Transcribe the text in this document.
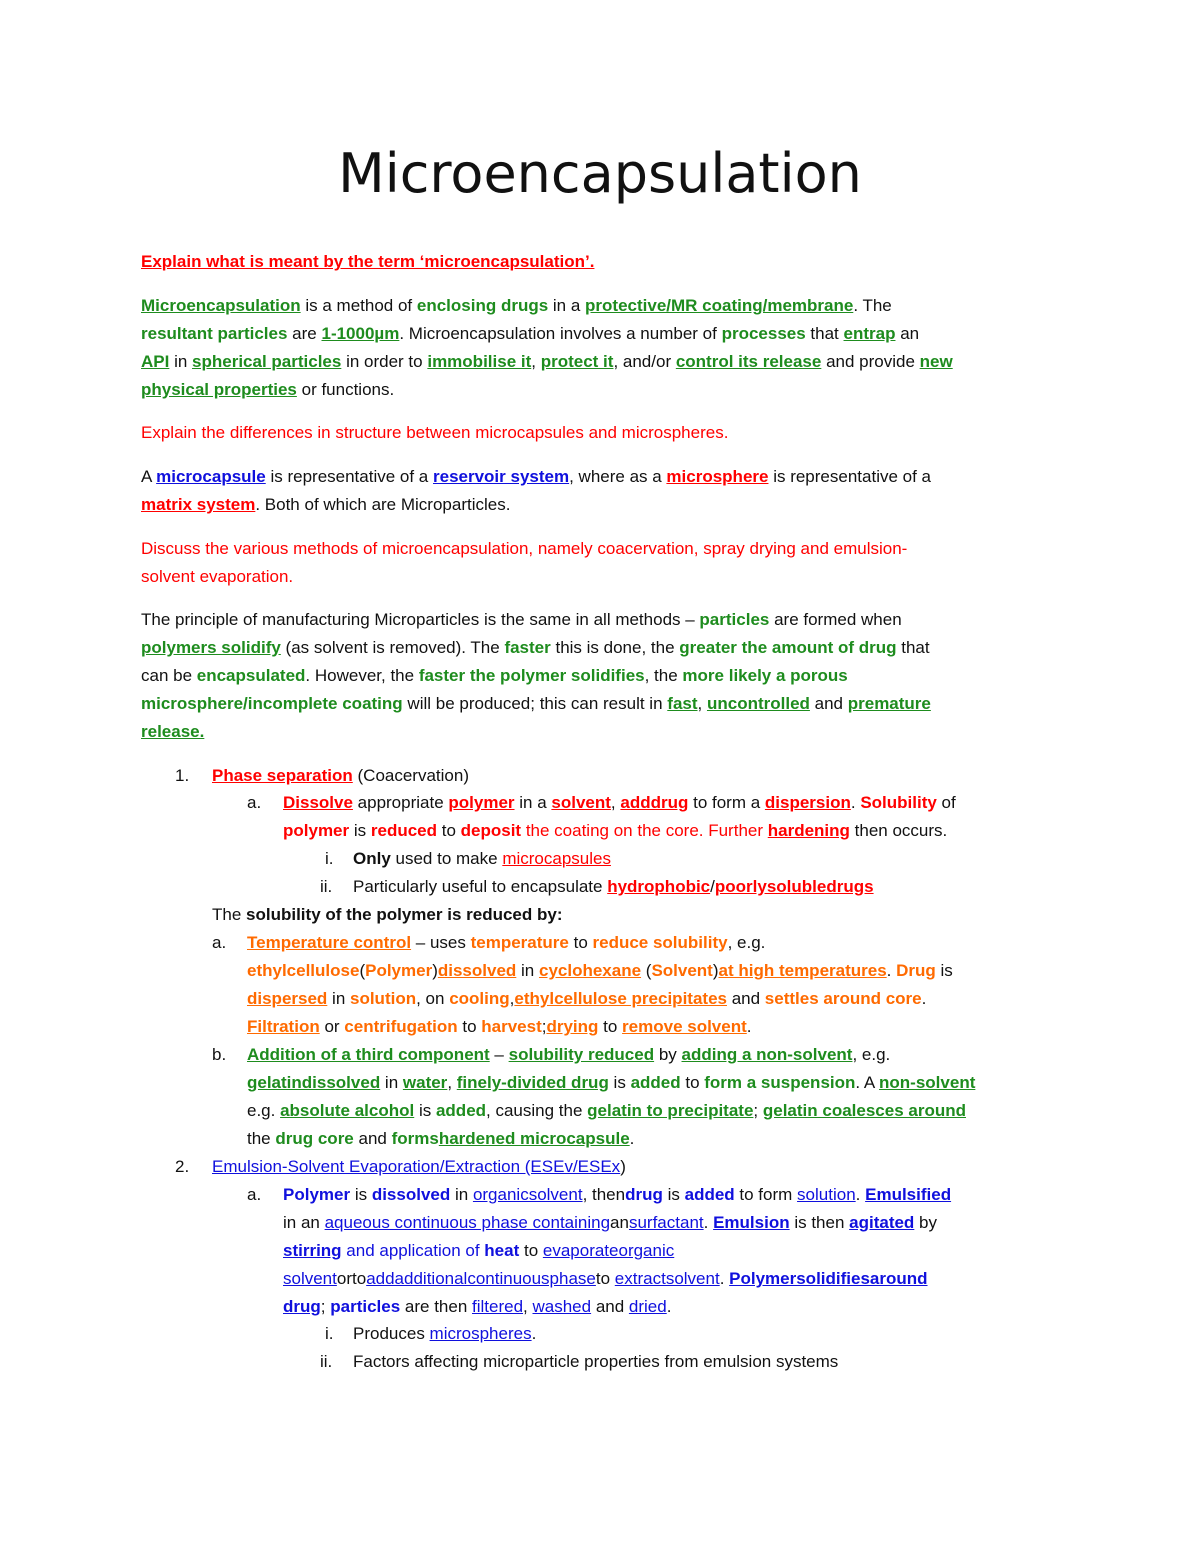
Microencapsulation
Explain what is meant by the term ‘microencapsulation’.
Microencapsulation is a method of enclosing drugs in a protective/MR coating/membrane. The
resultant particles are 1-1000µm. Microencapsulation involves a number of processes that entrap an
API in spherical particles in order to immobilise it, protect it, and/or control its release and provide new
physical properties or functions.
Explain the differences in structure between microcapsules and microspheres.
A microcapsule is representative of a reservoir system, where as a microsphere is representative of a
matrix system. Both of which are Microparticles.
Discuss the various methods of microencapsulation, namely coacervation, spray drying and emulsion-
solvent evaporation.
The principle of manufacturing Microparticles is the same in all methods – particles are formed when
polymers solidify (as solvent is removed). The faster this is done, the greater the amount of drug that
can be encapsulated. However, the faster the polymer solidifies, the more likely a porous
microsphere/incomplete coating will be produced; this can result in fast, uncontrolled and premature
release.
1. Phase separation (Coacervation)
a. Dissolve appropriate polymer in a solvent, adddrug to form a dispersion. Solubility of
polymer is reduced to deposit the coating on the core. Further hardening then occurs.
i. Only used to make microcapsules
ii. Particularly useful to encapsulate hydrophobic/poorlysolubledrugs
The solubility of the polymer is reduced by:
a. Temperature control – uses temperature to reduce solubility, e.g.
ethylcellulose(Polymer)dissolved in cyclohexane (Solvent)at high temperatures. Drug is
dispersed in solution, on cooling,ethylcellulose precipitates and settles around core.
Filtration or centrifugation to harvest;drying to remove solvent.
b. Addition of a third component – solubility reduced by adding a non-solvent, e.g.
gelatindissolved in water, finely-divided drug is added to form a suspension. A non-solvent
e.g. absolute alcohol is added, causing the gelatin to precipitate; gelatin coalesces around
the drug core and formshardened microcapsule.
2. Emulsion-Solvent Evaporation/Extraction (ESEv/ESEx)
a. Polymer is dissolved in organicsolvent, thendrug is added to form solution. Emulsified
in an aqueous continuous phase containingansurfactant. Emulsion is then agitated by
stirring and application of heat to evaporateorganic
solventortoaddadditionalcontinuousphaseto extractsolvent. Polymersolidifiesaround
drug; particles are then filtered, washed and dried.
i. Produces microspheres.
ii. Factors affecting microparticle properties from emulsion systems
